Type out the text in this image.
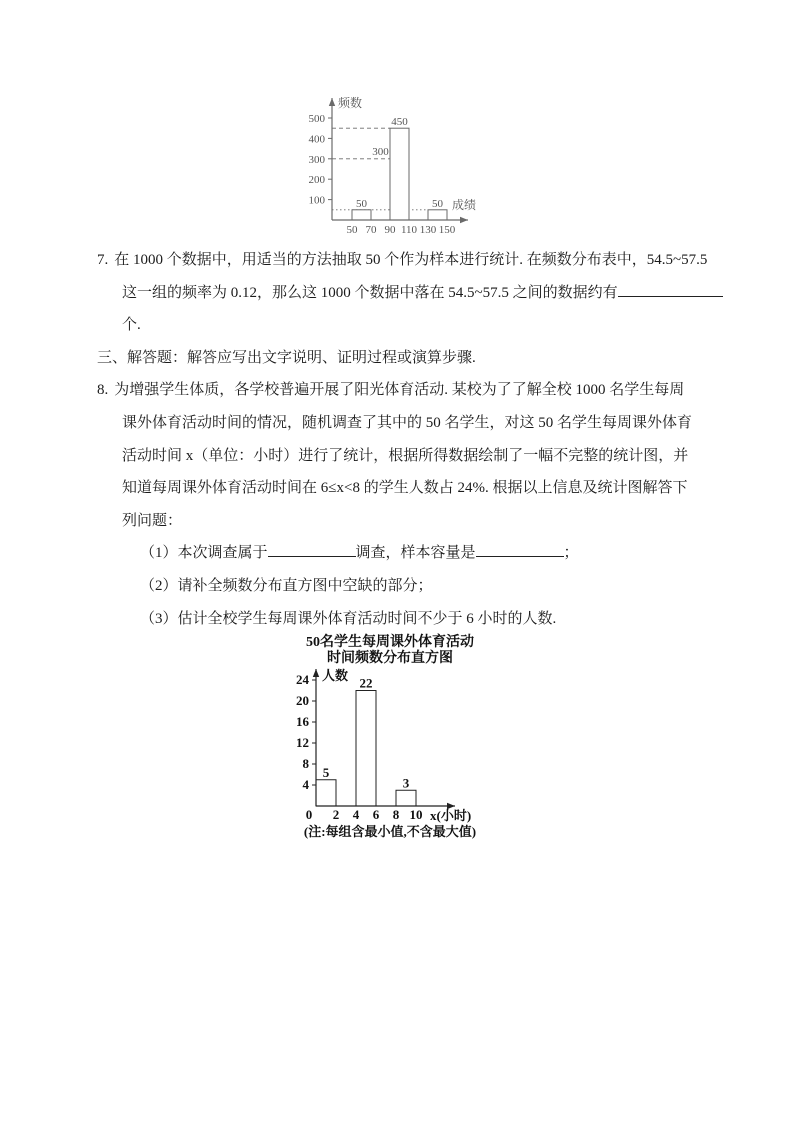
50
450
50
100
200
300
400
500
50 70 90 110 130 150
300
频数
成绩
7. 在 1000 个数据中，用适当的方法抽取 50 个作为样本进行统计. 在频数分布表中，54.5~57.5
这一组的频率为 0.12，那么这 1000 个数据中落在 54.5~57.5 之间的数据约有
个.
三、解答题：解答应写出文字说明、证明过程或演算步骤.
8. 为增强学生体质，各学校普遍开展了阳光体育活动. 某校为了了解全校 1000 名学生每周
课外体育活动时间的情况，随机调查了其中的 50 名学生，对这 50 名学生每周课外体育
活动时间 x（单位：小时）进行了统计，根据所得数据绘制了一幅不完整的统计图，并
知道每周课外体育活动时间在 6≤x<8 的学生人数占 24%. 根据以上信息及统计图解答下
列问题：
（1）本次调查属于	调查，样本容量是	；
（2）请补全频数分布直方图中空缺的部分；
（3）估计全校学生每周课外体育活动时间不少于 6 小时的人数.
50名学生每周课外体育活动
时间频数分布直方图
5
22
3
4
8
12
16
20
24
0 2 4 6 8 10
人数
x(小时)
(注:每组含最小值,不含最大值)
